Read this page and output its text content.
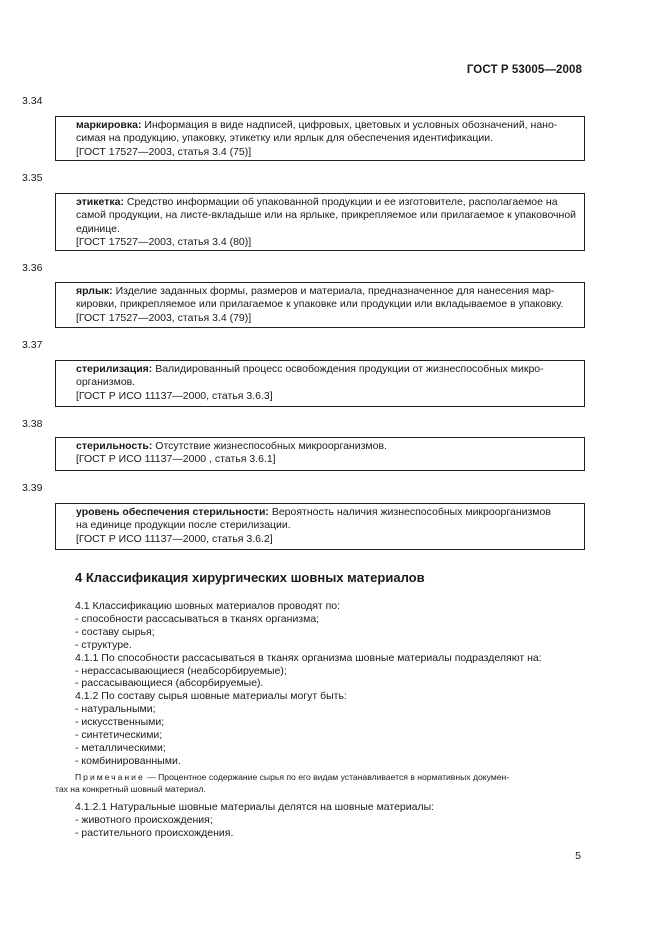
ГОСТ Р 53005—2008
3.34

маркировка: Информация в виде надписей, цифровых, цветовых и условных обозначений, нано-

симая на продукцию, упаковку, этикетку или ярлык для обеспечения идентификации.

[ГОСТ 17527—2003, статья 3.4 (75)]

3.35

этикетка: Средство информации об упакованной продукции и ее изготовителе, располагаемое на

самой продукции, на листе-вкладыше или на ярлыке, прикрепляемое или прилагаемое к упаковочной

единице.

[ГОСТ 17527—2003, статья 3.4 (80)]

3.36

ярлык: Изделие заданных формы, размеров и материала, предназначенное для нанесения мар-

кировки, прикрепляемое или прилагаемое к упаковке или продукции или вкладываемое в упаковку.

[ГОСТ 17527—2003, статья 3.4 (79)]

3.37

стерилизация: Валидированный процесс освобождения продукции от жизнеспособных микро-

организмов.

[ГОСТ Р ИСО 11137—2000, статья 3.6.3]

3.38

стерильность: Отсутствие жизнеспособных микроорганизмов.

[ГОСТ Р ИСО 11137—2000 , статья 3.6.1]

3.39

уровень обеспечения стерильности: Вероятность наличия жизнеспособных микроорганизмов

на единице продукции после стерилизации.

[ГОСТ Р ИСО 11137—2000, статья 3.6.2]

4 Классификация хирургических шовных материалов

4.1 Классификацию шовных материалов проводят по:

- способности рассасываться в тканях организма;

- составу сырья;

- структуре.

4.1.1 По способности рассасываться в тканях организма шовные материалы подразделяют на:

- нерассасывающиеся (неабсорбируемые);

- рассасывающиеся (абсорбируемые).

4.1.2 По составу сырья шовные материалы могут быть:

- натуральными;

- искусственными;

- синтетическими;

- металлическими;

- комбинированными.

Примечание — Процентное содержание сырья по его видам устанавливается в нормативных докумен-

тах на конкретный шовный материал.

4.1.2.1 Натуральные шовные материалы делятся на шовные материалы:

- животного происхождения;

- растительного происхождения.

5
